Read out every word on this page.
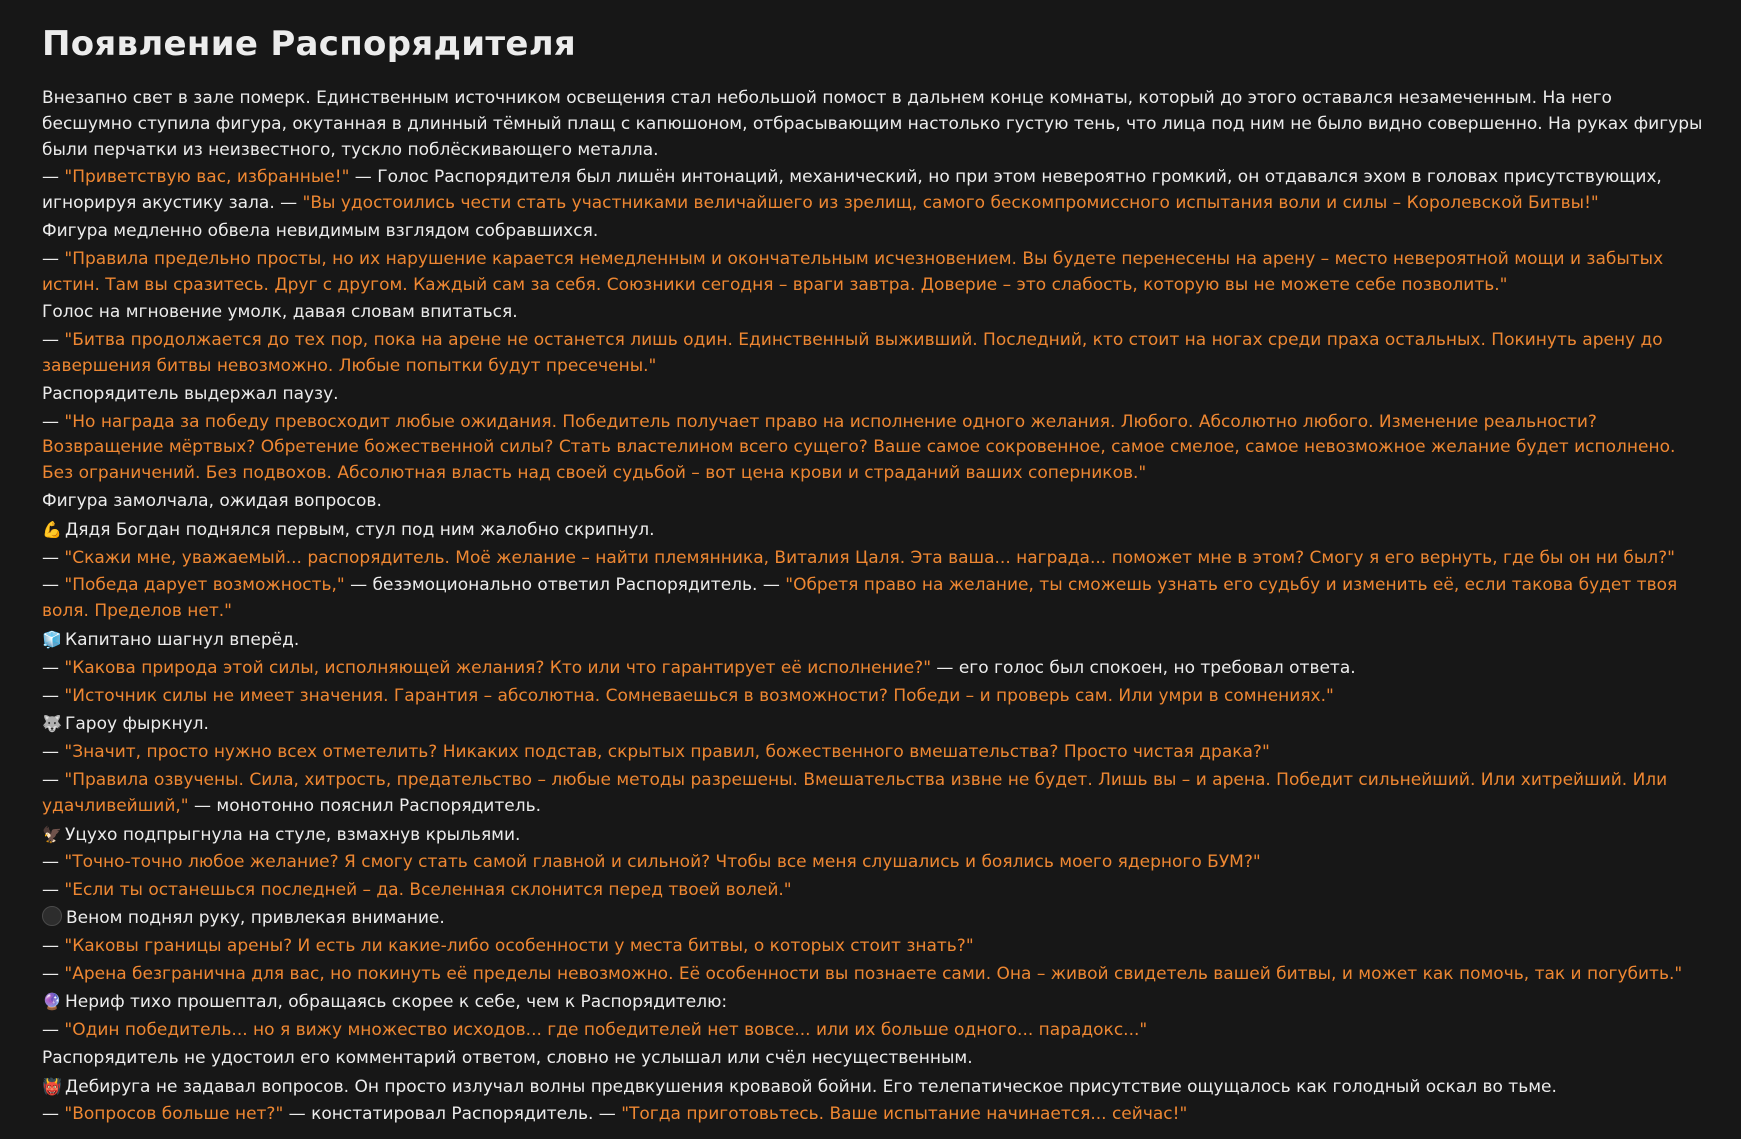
Появление Распорядителя

Внезапно свет в зале померк. Единственным источником освещения стал небольшой помост в дальнем конце комнаты, который до этого оставался незамеченным. На него бесшумно ступила фигура, окутанная в длинный тёмный плащ с капюшоном, отбрасывающим настолько густую тень, что лица под ним не было видно совершенно. На руках фигуры были перчатки из неизвестного, тускло поблёскивающего металла.

— "Приветствую вас, избранные!" — Голос Распорядителя был лишён интонаций, механический, но при этом невероятно громкий, он отдавался эхом в головах присутствующих, игнорируя акустику зала. — "Вы удостоились чести стать участниками величайшего из зрелищ, самого бескомпромиссного испытания воли и силы – Королевской Битвы!"

Фигура медленно обвела невидимым взглядом собравшихся.

— "Правила предельно просты, но их нарушение карается немедленным и окончательным исчезновением. Вы будете перенесены на арену – место невероятной мощи и забытых истин. Там вы сразитесь. Друг с другом. Каждый сам за себя. Союзники сегодня – враги завтра. Доверие – это слабость, которую вы не можете себе позволить."

Голос на мгновение умолк, давая словам впитаться.

— "Битва продолжается до тех пор, пока на арене не останется лишь один. Единственный выживший. Последний, кто стоит на ногах среди праха остальных. Покинуть арену до завершения битвы невозможно. Любые попытки будут пресечены."

Распорядитель выдержал паузу.

— "Но награда за победу превосходит любые ожидания. Победитель получает право на исполнение одного желания. Любого. Абсолютно любого. Изменение реальности? Возвращение мёртвых? Обретение божественной силы? Стать властелином всего сущего? Ваше самое сокровенное, самое смелое, самое невозможное желание будет исполнено. Без ограничений. Без подвохов. Абсолютная власть над своей судьбой – вот цена крови и страданий ваших соперников."

Фигура замолчала, ожидая вопросов.

💪 Дядя Богдан поднялся первым, стул под ним жалобно скрипнул.

— "Скажи мне, уважаемый... распорядитель. Моё желание – найти племянника, Виталия Цаля. Эта ваша... награда... поможет мне в этом? Смогу я его вернуть, где бы он ни был?"

— "Победа дарует возможность," — безэмоционально ответил Распорядитель. — "Обретя право на желание, ты сможешь узнать его судьбу и изменить её, если такова будет твоя воля. Пределов нет."

🧊 Капитано шагнул вперёд.

— "Какова природа этой силы, исполняющей желания? Кто или что гарантирует её исполнение?" — его голос был спокоен, но требовал ответа.

— "Источник силы не имеет значения. Гарантия – абсолютна. Сомневаешься в возможности? Победи – и проверь сам. Или умри в сомнениях."

🐺 Гароу фыркнул.

— "Значит, просто нужно всех отметелить? Никаких подстав, скрытых правил, божественного вмешательства? Просто чистая драка?"

— "Правила озвучены. Сила, хитрость, предательство – любые методы разрешены. Вмешательства извне не будет. Лишь вы – и арена. Победит сильнейший. Или хитрейший. Или удачливейший," — монотонно пояснил Распорядитель.

🦅 Уцухо подпрыгнула на стуле, взмахнув крыльями.

— "Точно-точно любое желание? Я смогу стать самой главной и сильной? Чтобы все меня слушались и боялись моего ядерного БУМ?"

— "Если ты останешься последней – да. Вселенная склонится перед твоей волей."

Веном поднял руку, привлекая внимание.

— "Каковы границы арены? И есть ли какие-либо особенности у места битвы, о которых стоит знать?"

— "Арена безгранична для вас, но покинуть её пределы невозможно. Её особенности вы познаете сами. Она – живой свидетель вашей битвы, и может как помочь, так и погубить."

🔮 Нериф тихо прошептал, обращаясь скорее к себе, чем к Распорядителю:

— "Один победитель... но я вижу множество исходов... где победителей нет вовсе... или их больше одного... парадокс..."

Распорядитель не удостоил его комментарий ответом, словно не услышал или счёл несущественным.

👹 Дебируга не задавал вопросов. Он просто излучал волны предвкушения кровавой бойни. Его телепатическое присутствие ощущалось как голодный оскал во тьме.

— "Вопросов больше нет?" — констатировал Распорядитель. — "Тогда приготовьтесь. Ваше испытание начинается... сейчас!"
